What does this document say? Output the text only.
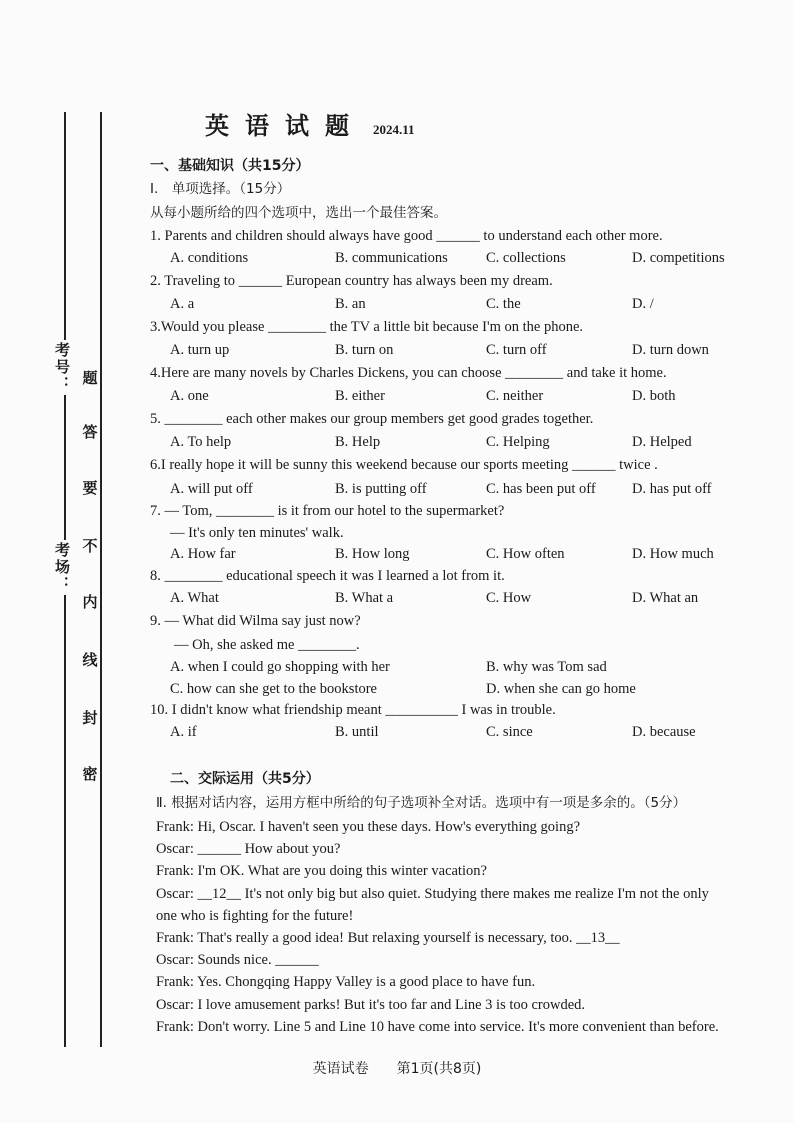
考号：
考场：
题
答
要
不
内
线
封
密
英语试题 2024.11
一、基础知识（共15分）
Ⅰ.　单项选择。（15分）
从每小题所给的四个选项中，选出一个最佳答案。
1. Parents and children should always have good ______ to understand each other more.
A. conditions	B. communications	C. collections	D. competitions
2. Traveling to ______ European country has always been my dream.
A. a	B. an	C. the	D. /
3.Would you please ________ the TV a little bit because I'm on the phone.
A. turn up	B. turn on	C. turn off	D. turn down
4.Here are many novels by Charles Dickens, you can choose ________ and take it home.
A. one	B. either	C. neither	D. both
5. ________ each other makes our group members get good grades together.
A. To help	B. Help	C. Helping	D. Helped
6.I really hope it will be sunny this weekend because our sports meeting ______ twice .
A. will put off	B. is putting off	C. has been put off	D. has put off
7. — Tom, ________ is it from our hotel to the supermarket?
— It's only ten minutes' walk.
A. How far	B. How long	C. How often	D. How much
8. ________ educational speech it was I learned a lot from it.
A. What	B. What a	C. How	D. What an
9. — What did Wilma say just now?
— Oh, she asked me ________.
A. when I could go shopping with her	B. why was Tom sad
C. how can she get to the bookstore	D. when she can go home
10. I didn't know what friendship meant __________ I was in trouble.
A. if	B. until	C. since	D. because
二、交际运用（共5分）
Ⅱ. 根据对话内容，运用方框中所给的句子选项补全对话。选项中有一项是多余的。（5分）
Frank: Hi, Oscar. I haven't seen you these days. How's everything going?
Oscar: ______ How about you?
Frank: I'm OK. What are you doing this winter vacation?
Oscar: __12__ It's not only big but also quiet. Studying there makes me realize I'm not the only
one who is fighting for the future!
Frank: That's really a good idea! But relaxing yourself is necessary, too. __13__
Oscar: Sounds nice. ______
Frank: Yes. Chongqing Happy Valley is a good place to have fun.
Oscar: I love amusement parks! But it's too far and Line 3 is too crowded.
Frank: Don't worry. Line 5 and Line 10 have come into service. It's more convenient than before.
英语试卷　　第1页(共8页)
